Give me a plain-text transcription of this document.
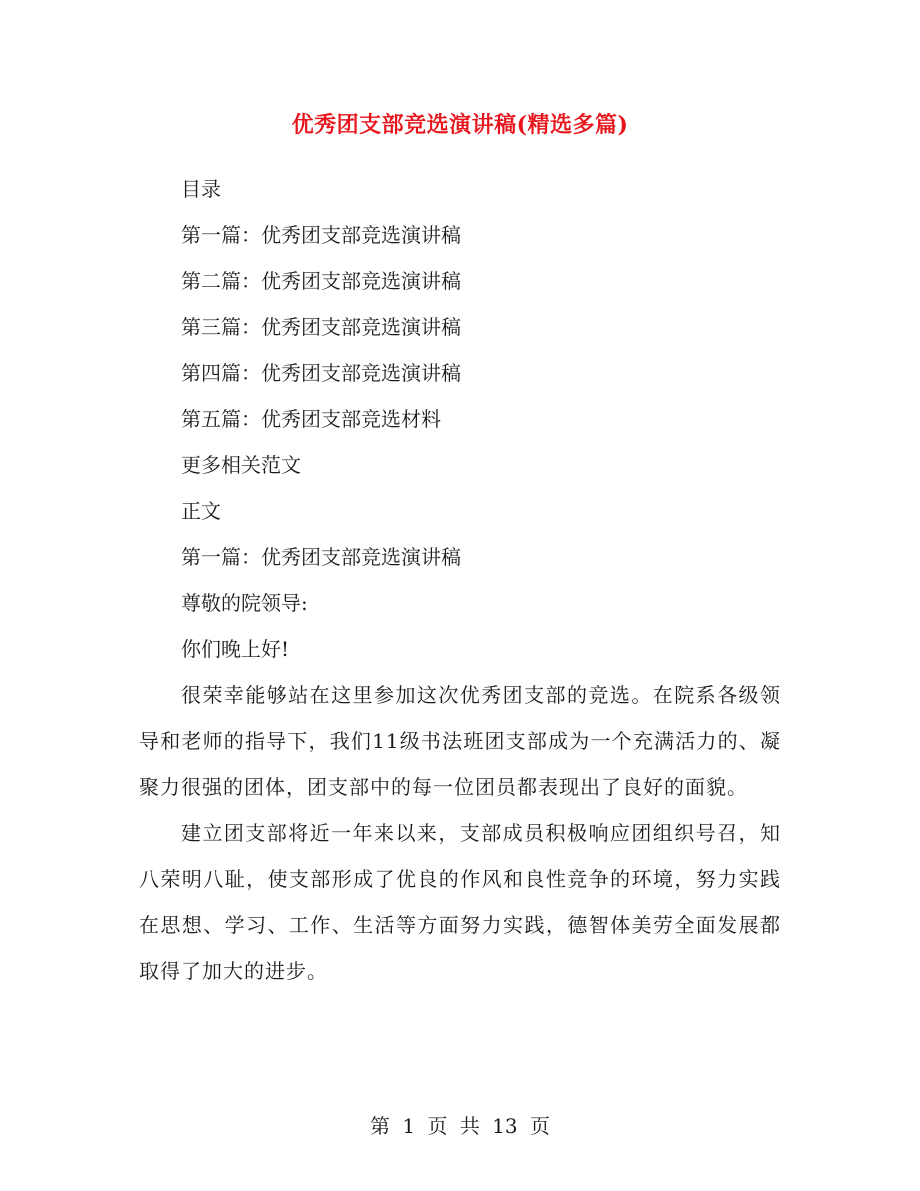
优秀团支部竞选演讲稿(精选多篇)

目录

第一篇：优秀团支部竞选演讲稿

第二篇：优秀团支部竞选演讲稿

第三篇：优秀团支部竞选演讲稿

第四篇：优秀团支部竞选演讲稿

第五篇：优秀团支部竞选材料

更多相关范文

正文

第一篇：优秀团支部竞选演讲稿

尊敬的院领导:

你们晚上好!

很荣幸能够站在这里参加这次优秀团支部的竞选。在院系各级领导和老师的指导下，我们11级书法班团支部成为一个充满活力的、凝聚力很强的团体，团支部中的每一位团员都表现出了良好的面貌。

建立团支部将近一年来以来，支部成员积极响应团组织号召，知八荣明八耻，使支部形成了优良的作风和良性竞争的环境，努力实践在思想、学习、工作、生活等方面努力实践，德智体美劳全面发展都取得了加大的进步。

第 1 页 共 13 页
